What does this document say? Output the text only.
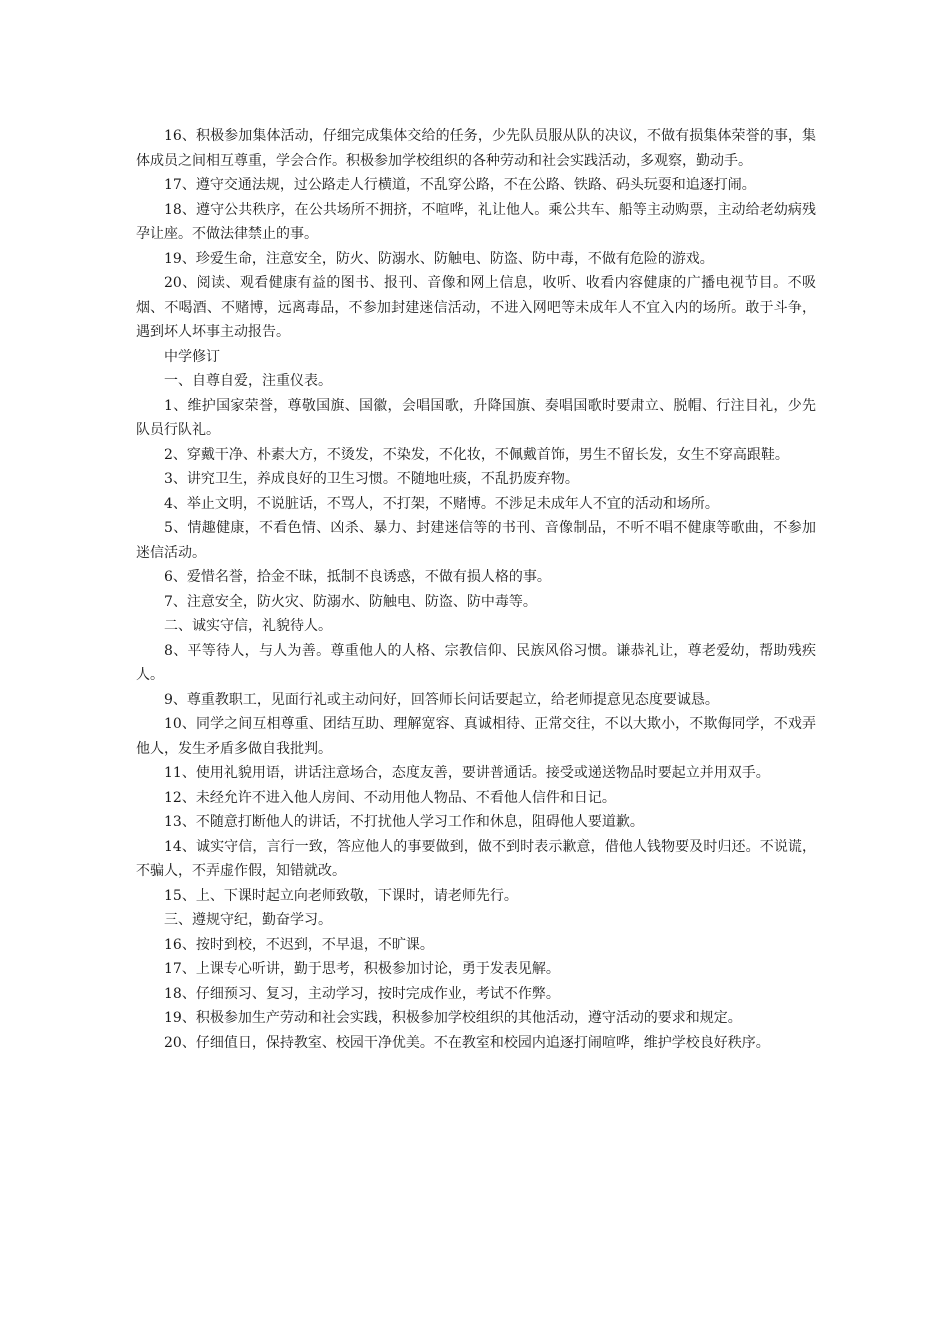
16、积极参加集体活动，仔细完成集体交给的任务，少先队员服从队的决议，不做有损集体荣誉的事，集体成员之间相互尊重，学会合作。积极参加学校组织的各种劳动和社会实践活动，多观察，勤动手。

17、遵守交通法规，过公路走人行横道，不乱穿公路，不在公路、铁路、码头玩耍和追逐打闹。

18、遵守公共秩序，在公共场所不拥挤，不喧哗，礼让他人。乘公共车、船等主动购票，主动给老幼病残孕让座。不做法律禁止的事。

19、珍爱生命，注意安全，防火、防溺水、防触电、防盗、防中毒，不做有危险的游戏。

20、阅读、观看健康有益的图书、报刊、音像和网上信息，收听、收看内容健康的广播电视节目。不吸烟、不喝酒、不赌博，远离毒品，不参加封建迷信活动，不进入网吧等未成年人不宜入内的场所。敢于斗争，遇到坏人坏事主动报告。

中学修订

一、自尊自爱，注重仪表。

1、维护国家荣誉，尊敬国旗、国徽，会唱国歌，升降国旗、奏唱国歌时要肃立、脱帽、行注目礼，少先队员行队礼。

2、穿戴干净、朴素大方，不烫发，不染发，不化妆，不佩戴首饰，男生不留长发，女生不穿高跟鞋。

3、讲究卫生，养成良好的卫生习惯。不随地吐痰，不乱扔废弃物。

4、举止文明，不说脏话，不骂人，不打架，不赌博。不涉足未成年人不宜的活动和场所。

5、情趣健康，不看色情、凶杀、暴力、封建迷信等的书刊、音像制品，不听不唱不健康等歌曲，不参加迷信活动。

6、爱惜名誉，拾金不昧，抵制不良诱惑，不做有损人格的事。

7、注意安全，防火灾、防溺水、防触电、防盗、防中毒等。

二、诚实守信，礼貌待人。

8、平等待人，与人为善。尊重他人的人格、宗教信仰、民族风俗习惯。谦恭礼让，尊老爱幼，帮助残疾人。

9、尊重教职工，见面行礼或主动问好，回答师长问话要起立，给老师提意见态度要诚恳。

10、同学之间互相尊重、团结互助、理解宽容、真诚相待、正常交往，不以大欺小，不欺侮同学，不戏弄他人，发生矛盾多做自我批判。

11、使用礼貌用语，讲话注意场合，态度友善，要讲普通话。接受或递送物品时要起立并用双手。

12、未经允许不进入他人房间、不动用他人物品、不看他人信件和日记。

13、不随意打断他人的讲话，不打扰他人学习工作和休息，阻碍他人要道歉。

14、诚实守信，言行一致，答应他人的事要做到，做不到时表示歉意，借他人钱物要及时归还。不说谎，不骗人，不弄虚作假，知错就改。

15、上、下课时起立向老师致敬，下课时，请老师先行。

三、遵规守纪，勤奋学习。

16、按时到校，不迟到，不早退，不旷课。

17、上课专心听讲，勤于思考，积极参加讨论，勇于发表见解。

18、仔细预习、复习，主动学习，按时完成作业，考试不作弊。

19、积极参加生产劳动和社会实践，积极参加学校组织的其他活动，遵守活动的要求和规定。

20、仔细值日，保持教室、校园干净优美。不在教室和校园内追逐打闹喧哗，维护学校良好秩序。
